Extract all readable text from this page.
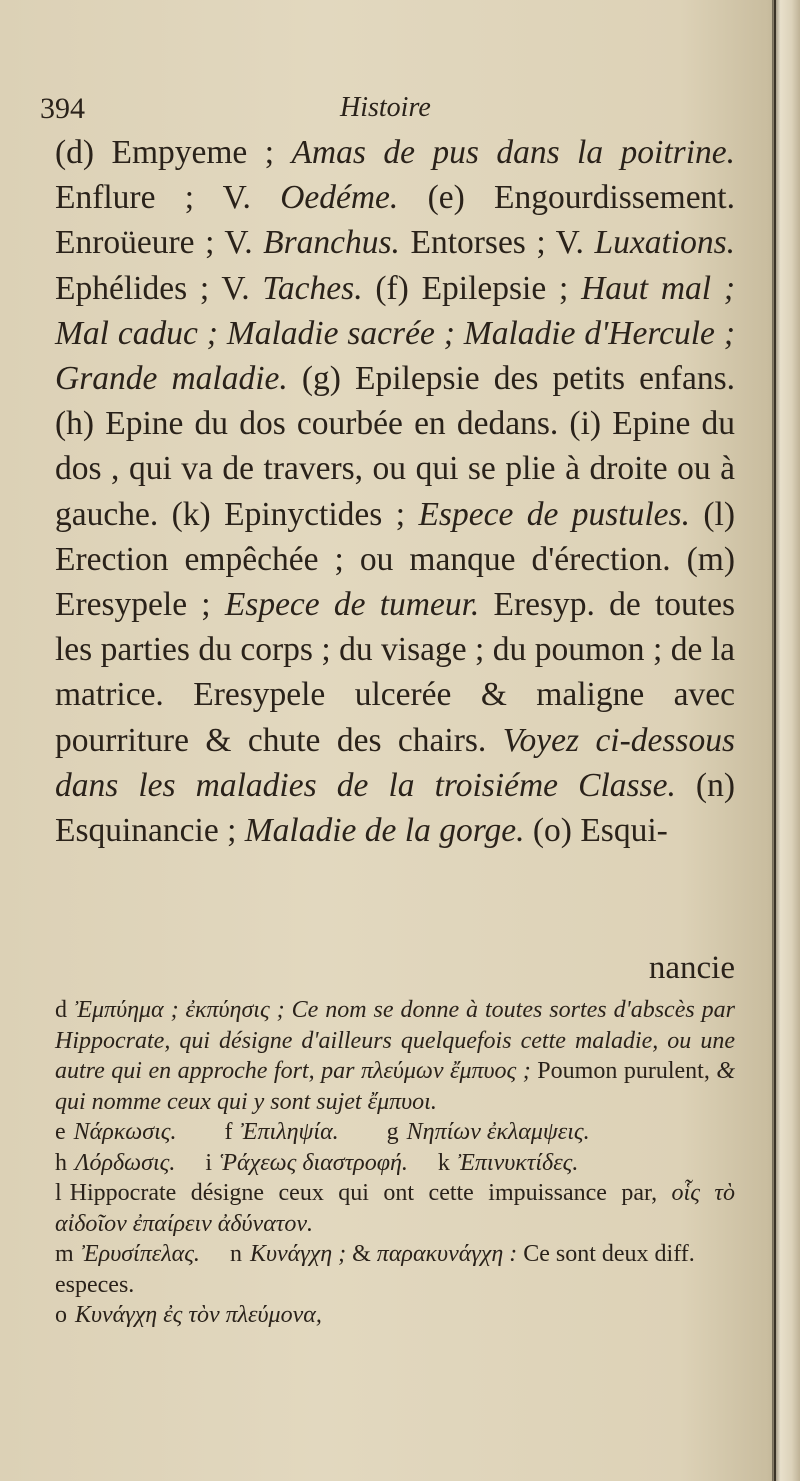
394	Histoire
(d) Empyeme ; Amas de pus dans la poitrine. Enflure ; V. Oedéme. (e) Engourdissement. Enroüeure ; V. Branchus. Entorses ; V. Luxations. Ephélides ; V. Taches. (f) Epilepsie ; Haut mal ; Mal caduc ; Maladie sacrée ; Maladie d'Hercule ; Grande maladie. (g) Epilepsie des petits enfans. (h) Epine du dos courbée en dedans. (i) Epine du dos , qui va de travers, ou qui se plie à droite ou à gauche. (k) Epinyctides ; Espece de pustules. (l) Erection empêchée ; ou manque d'érection. (m) Eresypele ; Espece de tumeur. Eresyp. de toutes les parties du corps ; du visage ; du poumon ; de la matrice. Eresypele ulcerée & maligne avec pourriture & chute des chairs. Voyez ci-dessous dans les maladies de la troisiéme Classe. (n) Esquinancie ; Maladie de la gorge. (o) Esqui-
nancie

d Ἐμπύημα ; ἐκπύησις ; Ce nom se donne à toutes sortes d'abscès par Hippocrate, qui désigne d'ailleurs quelquefois cette maladie, ou une autre qui en approche fort, par πλεύμων ἔμπυος ; Poumon purulent, & qui nomme ceux qui y sont sujet ἔμπυοι.

e Νάρκωσις. f Ἐπιληψία. g Νηπίων ἐκλαμψεις.

h Λόρδωσις. i Ῥάχεως διαστροφή. k Ἐπινυκτίδες.

l Hippocrate désigne ceux qui ont cette impuissance par, οἷς τὸ αἰδοῖον ἐπαίρειν ἀδύνατον.

m Ἐρυσίπελας. n Κυνάγχη ; & παρακυνάγχη : Ce sont deux diff. especes.

o Κυνάγχη ἐς τὸν πλεύμονα,
